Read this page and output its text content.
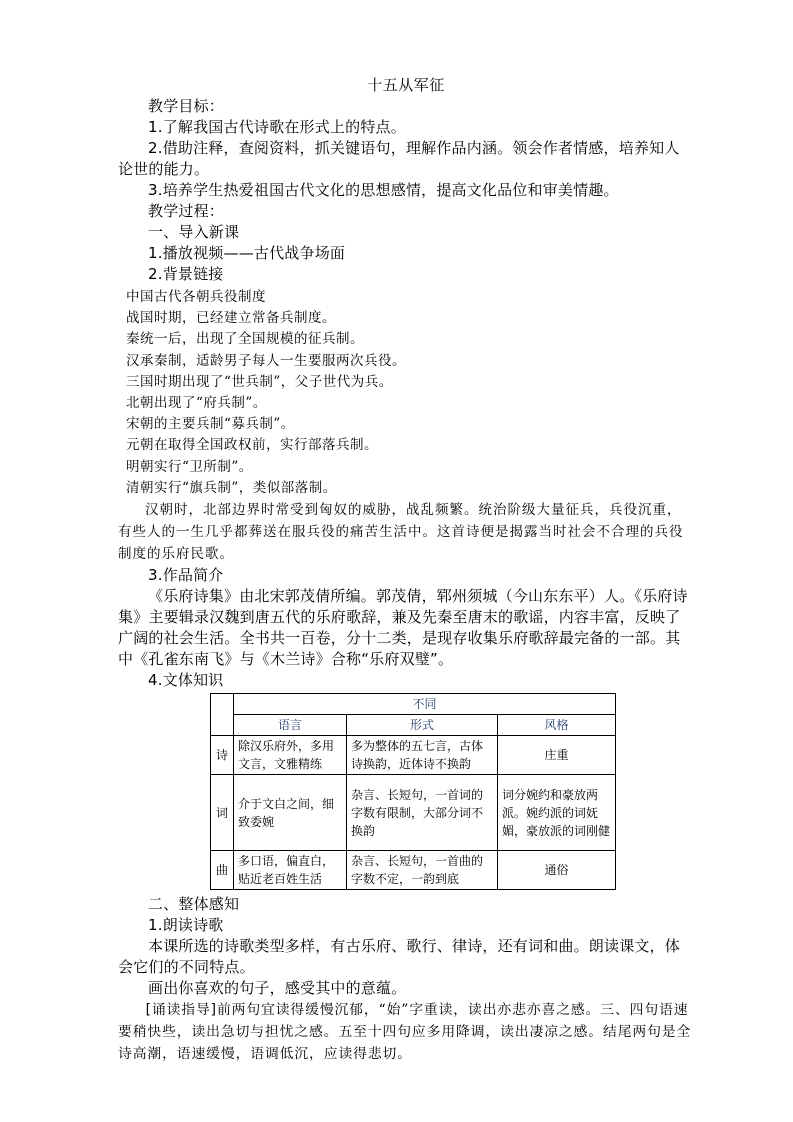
十五从军征

教学目标：

1.了解我国古代诗歌在形式上的特点。

2.借助注释，查阅资料，抓关键语句，理解作品内涵。领会作者情感，培养知人论世的能力。

3.培养学生热爱祖国古代文化的思想感情，提高文化品位和审美情趣。

教学过程：

一、导入新课

1.播放视频——古代战争场面

2.背景链接

中国古代各朝兵役制度

战国时期，已经建立常备兵制度。

秦统一后，出现了全国规模的征兵制。

汉承秦制，适龄男子每人一生要服两次兵役。

三国时期出现了“世兵制”，父子世代为兵。

北朝出现了“府兵制”。

宋朝的主要兵制“募兵制”。

元朝在取得全国政权前，实行部落兵制。

明朝实行“卫所制”。

清朝实行“旗兵制”，类似部落制。

汉朝时，北部边界时常受到匈奴的威胁，战乱频繁。统治阶级大量征兵，兵役沉重，有些人的一生几乎都葬送在服兵役的痛苦生活中。这首诗便是揭露当时社会不合理的兵役制度的乐府民歌。

3.作品简介

《乐府诗集》由北宋郭茂倩所编。郭茂倩，郓州须城（今山东东平）人。《乐府诗集》主要辑录汉魏到唐五代的乐府歌辞，兼及先秦至唐末的歌谣，内容丰富，反映了广阔的社会生活。全书共一百卷，分十二类，是现存收集乐府歌辞最完备的一部。其中《孔雀东南飞》与《木兰诗》合称“乐府双璧”。

4.文体知识

	不同		
	语言	形式	风格
诗	除汉乐府外，多用文言，文雅精练	多为整体的五七言，古体诗换韵，近体诗不换韵	庄重
词	介于文白之间，细致委婉	杂言、长短句，一首词的字数有限制，大部分词不换韵	词分婉约和豪放两派。婉约派的词妩媚，豪放派的词刚健
曲	多口语，偏直白，贴近老百姓生活	杂言、长短句，一首曲的字数不定，一韵到底	通俗

二、整体感知

1.朗读诗歌

本课所选的诗歌类型多样，有古乐府、歌行、律诗，还有词和曲。朗读课文，体会它们的不同特点。

画出你喜欢的句子，感受其中的意蕴。

[诵读指导]前两句宜读得缓慢沉郁，“始”字重读，读出亦悲亦喜之感。三、四句语速要稍快些，读出急切与担忧之感。五至十四句应多用降调，读出凄凉之感。结尾两句是全诗高潮，语速缓慢，语调低沉，应读得悲切。
